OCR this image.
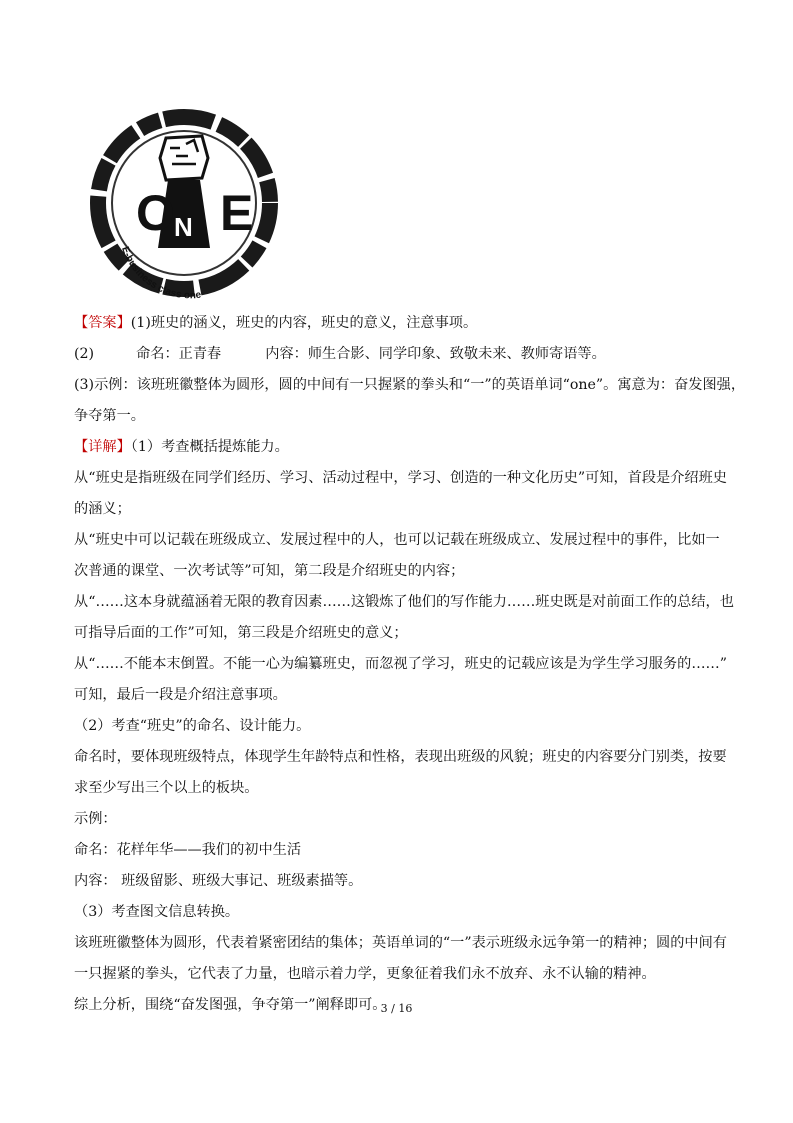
O N E
E-business class one

【答案】(1)班史的涵义，班史的内容，班史的意义，注意事项。

(2)	命名：正青春	内容：师生合影、同学印象、致敬未来、教师寄语等。

(3)示例：该班班徽整体为圆形，圆的中间有一只握紧的拳头和“一”的英语单词“one”。寓意为：奋发图强，

争夺第一。

【详解】（1）考查概括提炼能力。

从“班史是指班级在同学们经历、学习、活动过程中，学习、创造的一种文化历史”可知，首段是介绍班史

的涵义；

从“班史中可以记载在班级成立、发展过程中的人，也可以记载在班级成立、发展过程中的事件，比如一

次普通的课堂、一次考试等”可知，第二段是介绍班史的内容；

从“……这本身就蕴涵着无限的教育因素……这锻炼了他们的写作能力……班史既是对前面工作的总结，也

可指导后面的工作”可知，第三段是介绍班史的意义；

从“……不能本末倒置。不能一心为编纂班史，而忽视了学习，班史的记载应该是为学生学习服务的……”

可知，最后一段是介绍注意事项。

（2）考查“班史”的命名、设计能力。

命名时，要体现班级特点，体现学生年龄特点和性格，表现出班级的风貌；班史的内容要分门别类，按要

求至少写出三个以上的板块。

示例：

命名：花样年华——我们的初中生活

内容： 班级留影、班级大事记、班级素描等。

（3）考查图文信息转换。

该班班徽整体为圆形，代表着紧密团结的集体；英语单词的“一”表示班级永远争第一的精神；圆的中间有

一只握紧的拳头，它代表了力量，也暗示着力学，更象征着我们永不放弃、永不认输的精神。

综上分析，围绕“奋发图强，争夺第一”阐释即可。

3 / 16
